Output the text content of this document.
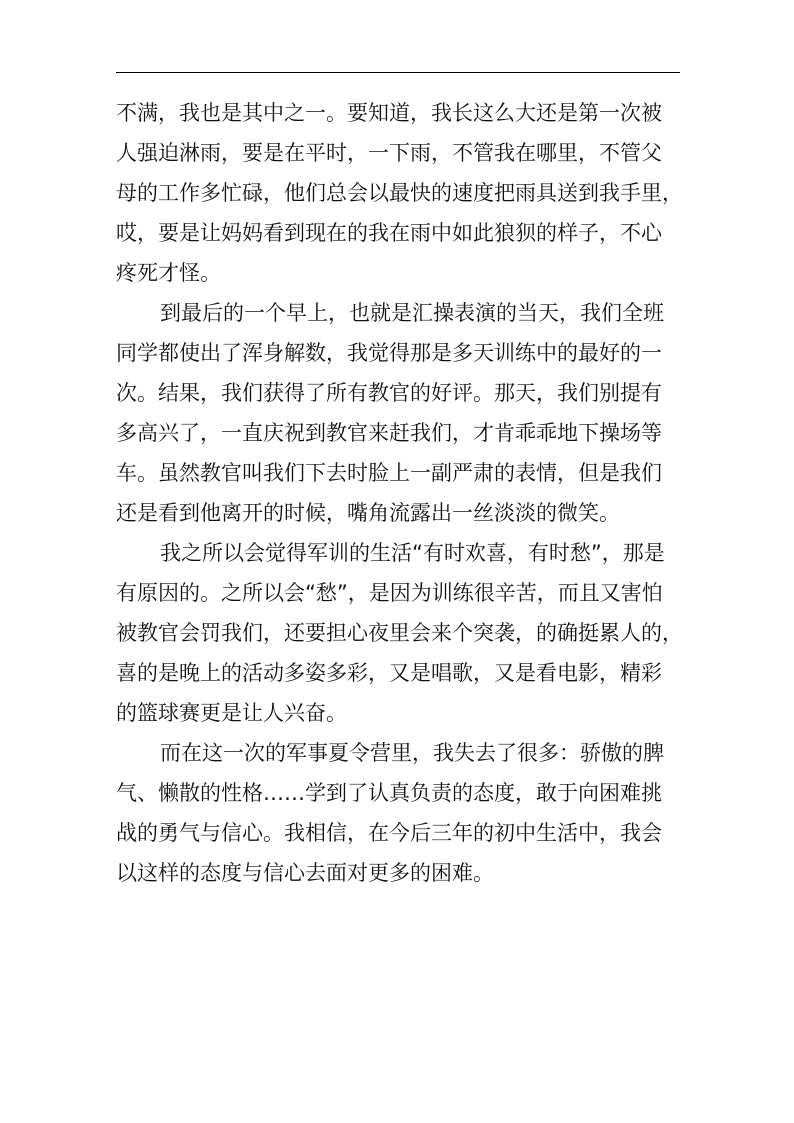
不满，我也是其中之一。要知道，我长这么大还是第一次被
人强迫淋雨，要是在平时，一下雨，不管我在哪里，不管父
母的工作多忙碌，他们总会以最快的速度把雨具送到我手里，
哎，要是让妈妈看到现在的我在雨中如此狼狈的样子，不心
疼死才怪。
到最后的一个早上，也就是汇操表演的当天，我们全班
同学都使出了浑身解数，我觉得那是多天训练中的最好的一
次。结果，我们获得了所有教官的好评。那天，我们别提有
多高兴了，一直庆祝到教官来赶我们，才肯乖乖地下操场等
车。虽然教官叫我们下去时脸上一副严肃的表情，但是我们
还是看到他离开的时候，嘴角流露出一丝淡淡的微笑。
我之所以会觉得军训的生活“有时欢喜，有时愁”，那是
有原因的。之所以会“愁”，是因为训练很辛苦，而且又害怕
被教官会罚我们，还要担心夜里会来个突袭，的确挺累人的，
喜的是晚上的活动多姿多彩，又是唱歌，又是看电影，精彩
的篮球赛更是让人兴奋。
而在这一次的军事夏令营里，我失去了很多：骄傲的脾
气、懒散的性格……学到了认真负责的态度，敢于向困难挑
战的勇气与信心。我相信，在今后三年的初中生活中，我会
以这样的态度与信心去面对更多的困难。
